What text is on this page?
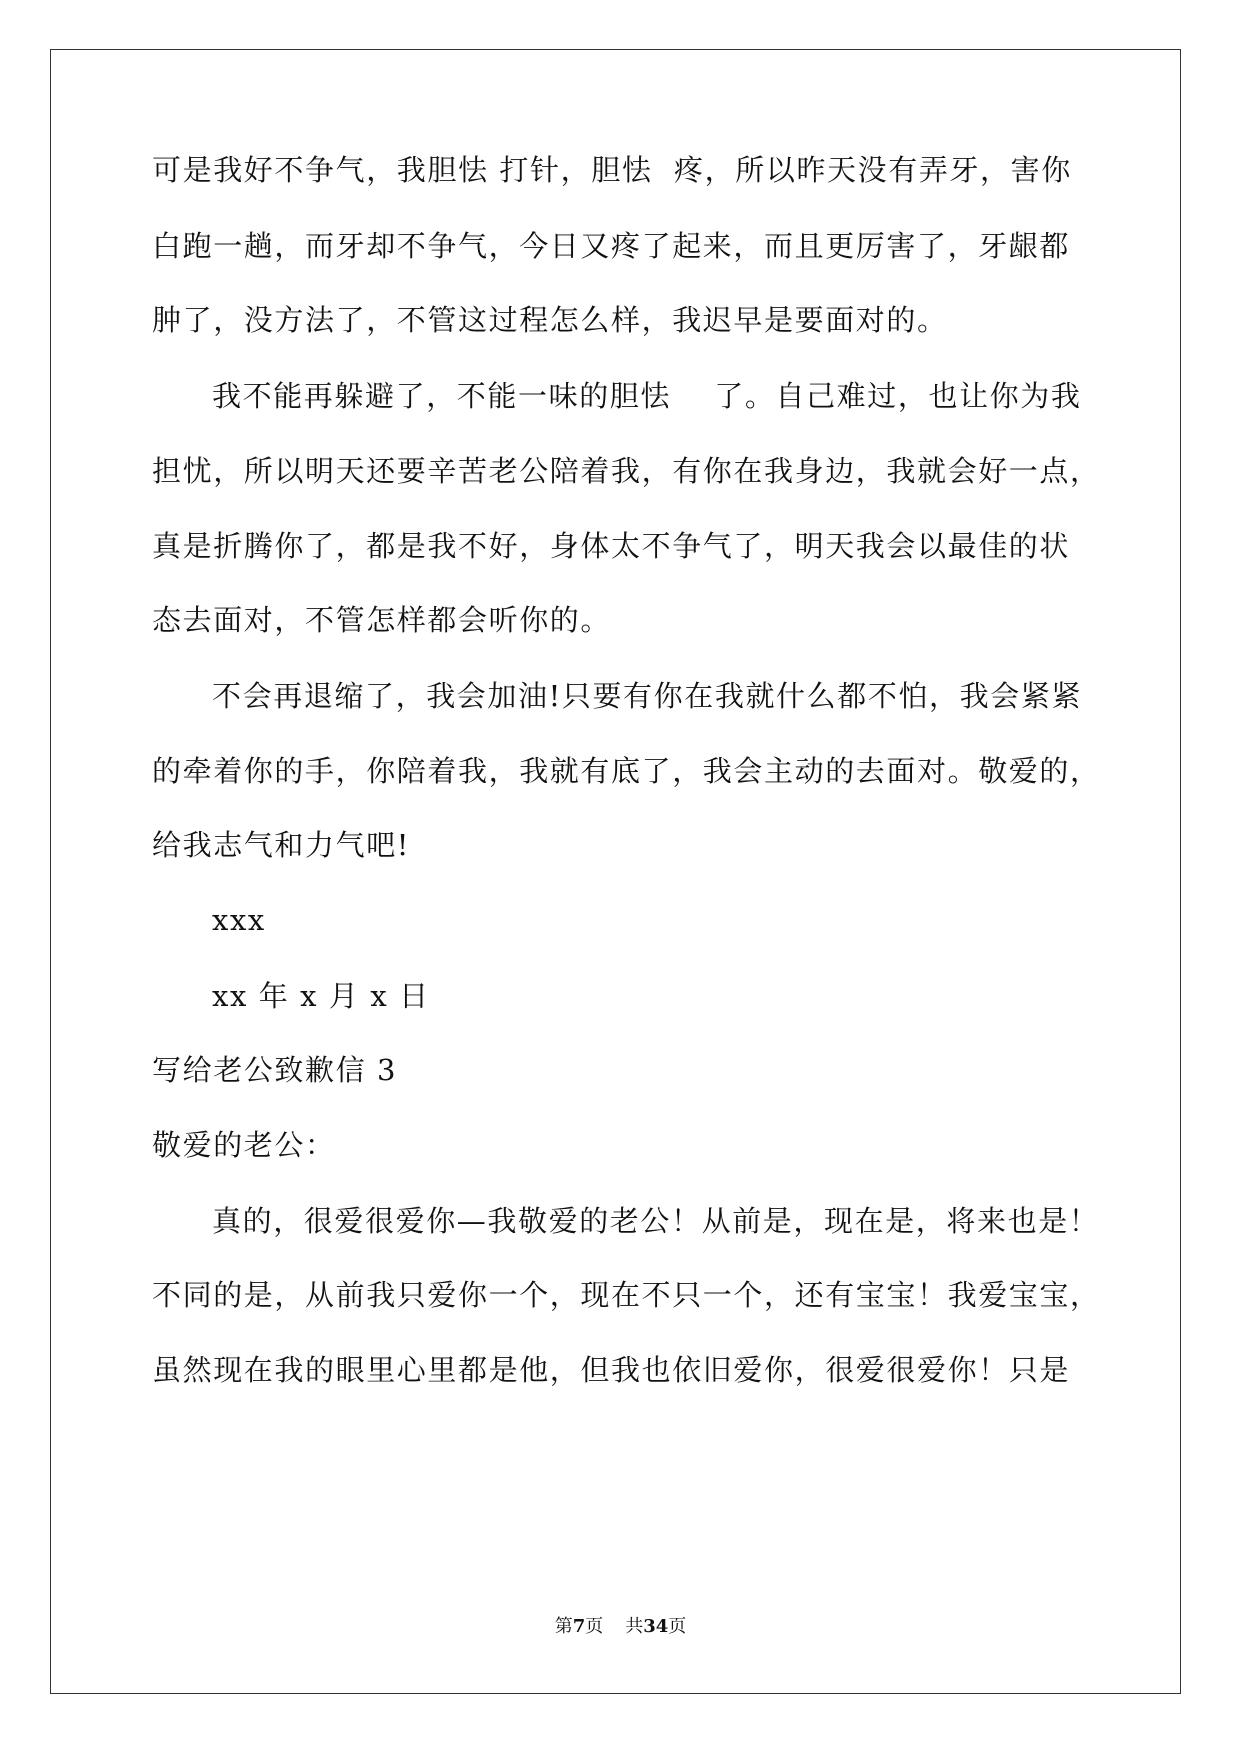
可是我好不争气，我胆怯 打针，胆怯  疼，所以昨天没有弄牙，害你

白跑一趟，而牙却不争气，今日又疼了起来，而且更厉害了，牙龈都

肿了，没方法了，不管这过程怎么样，我迟早是要面对的。

我不能再躲避了，不能一味的胆怯    了。自己难过，也让你为我

担忧，所以明天还要辛苦老公陪着我，有你在我身边，我就会好一点，

真是折腾你了，都是我不好，身体太不争气了，明天我会以最佳的状

态去面对，不管怎样都会听你的。

不会再退缩了，我会加油!只要有你在我就什么都不怕，我会紧紧

的牵着你的手，你陪着我，我就有底了，我会主动的去面对。敬爱的，

给我志气和力气吧!

xxx

xx 年 x 月 x 日

写给老公致歉信 3

敬爱的老公：

真的，很爱很爱你—我敬爱的老公！从前是，现在是，将来也是！

不同的是，从前我只爱你一个，现在不只一个，还有宝宝！我爱宝宝，

虽然现在我的眼里心里都是他，但我也依旧爱你，很爱很爱你！只是

第7页 共34页
